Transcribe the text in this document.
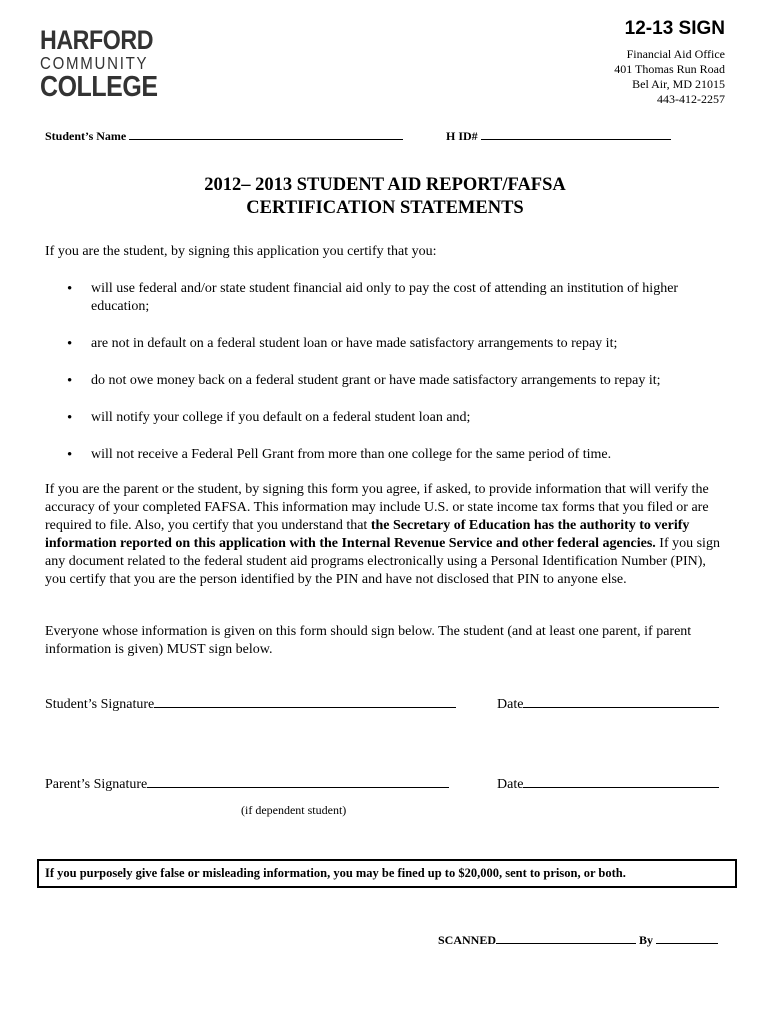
HARFORD
COMMUNITY
COLLEGE
12-13 SIGN
Financial Aid Office
401 Thomas Run Road
Bel Air, MD 21015
443-412-2257
Student’s Name	H ID#
2012– 2013 STUDENT AID REPORT/FAFSA
CERTIFICATION STATEMENTS
If you are the student, by signing this application you certify that you:
• will use federal and/or state student financial aid only to pay the cost of attending an institution of higher education;
• are not in default on a federal student loan or have made satisfactory arrangements to repay it;
• do not owe money back on a federal student grant or have made satisfactory arrangements to repay it;
• will notify your college if you default on a federal student loan and;
• will not receive a Federal Pell Grant from more than one college for the same period of time.
If you are the parent or the student, by signing this form you agree, if asked, to provide information that will verify the accuracy of your completed FAFSA. This information may include U.S. or state income tax forms that you filed or are required to file. Also, you certify that you understand that the Secretary of Education has the authority to verify information reported on this application with the Internal Revenue Service and other federal agencies. If you sign any document related to the federal student aid programs electronically using a Personal Identification Number (PIN), you certify that you are the person identified by the PIN and have not disclosed that PIN to anyone else.
Everyone whose information is given on this form should sign below. The student (and at least one parent, if parent information is given) MUST sign below.
Student’s Signature	Date
Parent’s Signature	Date
(if dependent student)
If you purposely give false or misleading information, you may be fined up to $20,000, sent to prison, or both.
SCANNED	By
